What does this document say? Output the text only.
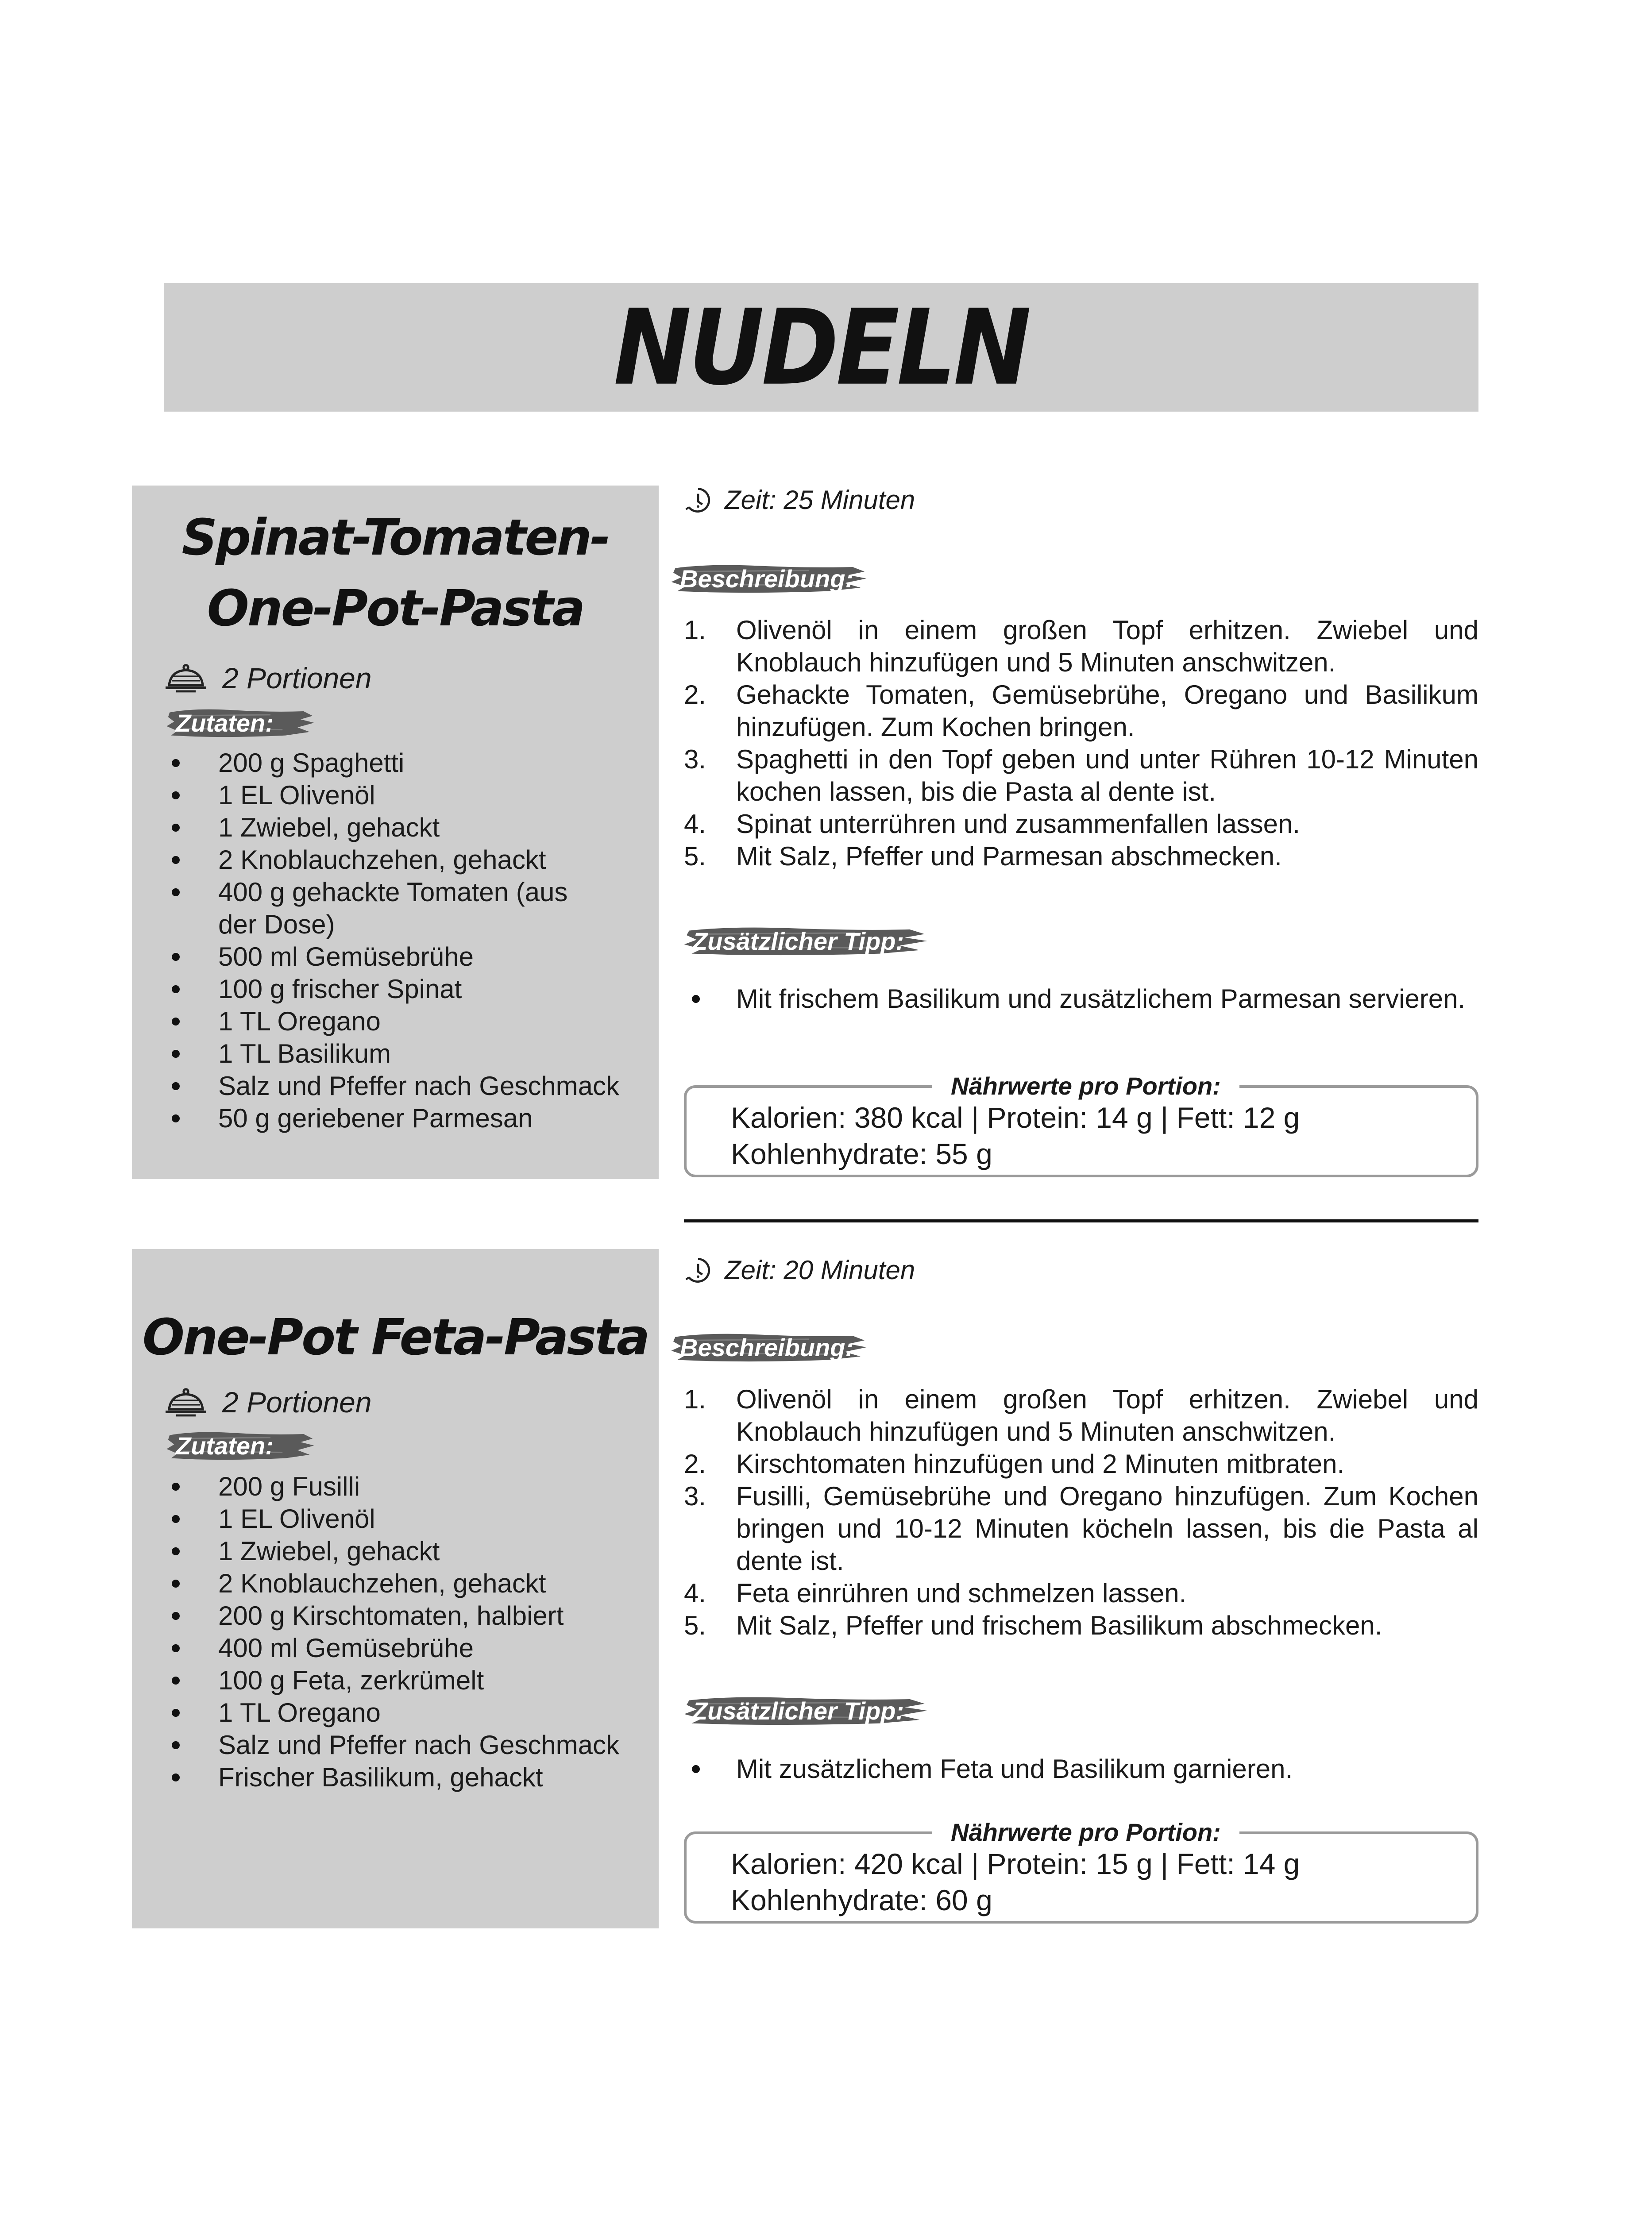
NUDELN
Spinat-Tomaten-
One-Pot-Pasta
2 Portionen
Zutaten:
200 g Spaghetti
1 EL Olivenöl
1 Zwiebel, gehackt
2 Knoblauchzehen, gehackt
400 g gehackte Tomaten (aus der Dose)
500 ml Gemüsebrühe
100 g frischer Spinat
1 TL Oregano
1 TL Basilikum
Salz und Pfeffer nach Geschmack
50 g geriebener Parmesan
Zeit: 25 Minuten
Beschreibung:
1. Olivenöl in einem großen Topf erhitzen. Zwiebel und Knoblauch hinzufügen und 5 Minuten anschwitzen.
2. Gehackte Tomaten, Gemüsebrühe, Oregano und Basilikum hinzufügen. Zum Kochen bringen.
3. Spaghetti in den Topf geben und unter Rühren 10-12 Minuten kochen lassen, bis die Pasta al dente ist.
4. Spinat unterrühren und zusammenfallen lassen.
5. Mit Salz, Pfeffer und Parmesan abschmecken.
Zusätzlicher Tipp:
Mit frischem Basilikum und zusätzlichem Parmesan servieren.
Nährwerte pro Portion:
Kalorien: 380 kcal | Protein: 14 g | Fett: 12 g
Kohlenhydrate: 55 g
One-Pot Feta-Pasta
2 Portionen
Zutaten:
200 g Fusilli
1 EL Olivenöl
1 Zwiebel, gehackt
2 Knoblauchzehen, gehackt
200 g Kirschtomaten, halbiert
400 ml Gemüsebrühe
100 g Feta, zerkrümelt
1 TL Oregano
Salz und Pfeffer nach Geschmack
Frischer Basilikum, gehackt
Zeit: 20 Minuten
Beschreibung:
1. Olivenöl in einem großen Topf erhitzen. Zwiebel und Knoblauch hinzufügen und 5 Minuten anschwitzen.
2. Kirschtomaten hinzufügen und 2 Minuten mitbraten.
3. Fusilli, Gemüsebrühe und Oregano hinzufügen. Zum Kochen bringen und 10-12 Minuten köcheln lassen, bis die Pasta al dente ist.
4. Feta einrühren und schmelzen lassen.
5. Mit Salz, Pfeffer und frischem Basilikum abschmecken.
Zusätzlicher Tipp:
Mit zusätzlichem Feta und Basilikum garnieren.
Nährwerte pro Portion:
Kalorien: 420 kcal | Protein: 15 g | Fett: 14 g
Kohlenhydrate: 60 g
